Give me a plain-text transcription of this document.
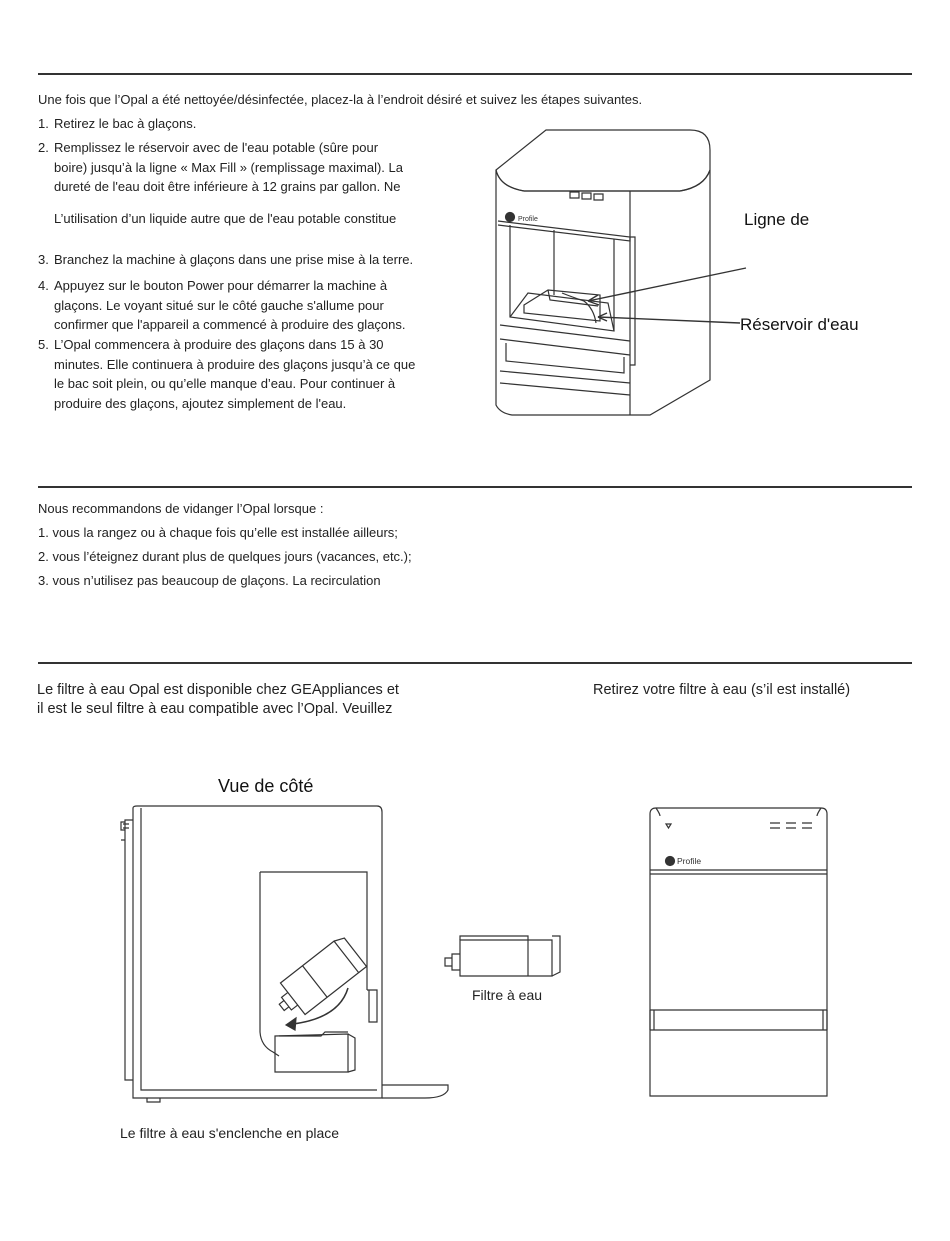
Une fois que l’Opal a été nettoyée/désinfectée, placez-la à l’endroit désiré et suivez les étapes suivantes.
1. Retirez le bac à glaçons.
2. Remplissez le réservoir avec de l'eau potable (sûre pour
boire) jusqu’à la ligne « Max Fill » (remplissage maximal). La
dureté de l'eau doit être inférieure à 12 grains par gallon. Ne
L’utilisation d’un liquide autre que de l'eau potable constitue
3. Branchez la machine à glaçons dans une prise mise à la terre.
4. Appuyez sur le bouton Power pour démarrer la machine à
glaçons. Le voyant situé sur le côté gauche s'allume pour
confirmer que l'appareil a commencé à produire des glaçons.
5. L’Opal commencera à produire des glaçons dans 15 à 30
minutes. Elle continuera à produire des glaçons jusqu’à ce que
le bac soit plein, ou qu’elle manque d’eau. Pour continuer à
produire des glaçons, ajoutez simplement de l'eau.
Profile	Ligne de
Réservoir d'eau
Nous recommandons de vidanger l’Opal lorsque :
1. vous la rangez ou à chaque fois qu’elle est installée ailleurs;
2. vous l’éteignez durant plus de quelques jours (vacances, etc.);
3. vous n’utilisez pas beaucoup de glaçons. La recirculation
Le filtre à eau Opal est disponible chez GEAppliances et
il est le seul filtre à eau compatible avec l’Opal. Veuillez
Retirez votre filtre à eau (s’il est installé)
Vue de côté
Le filtre à eau s'enclenche en place
Filtre à eau
Profile
